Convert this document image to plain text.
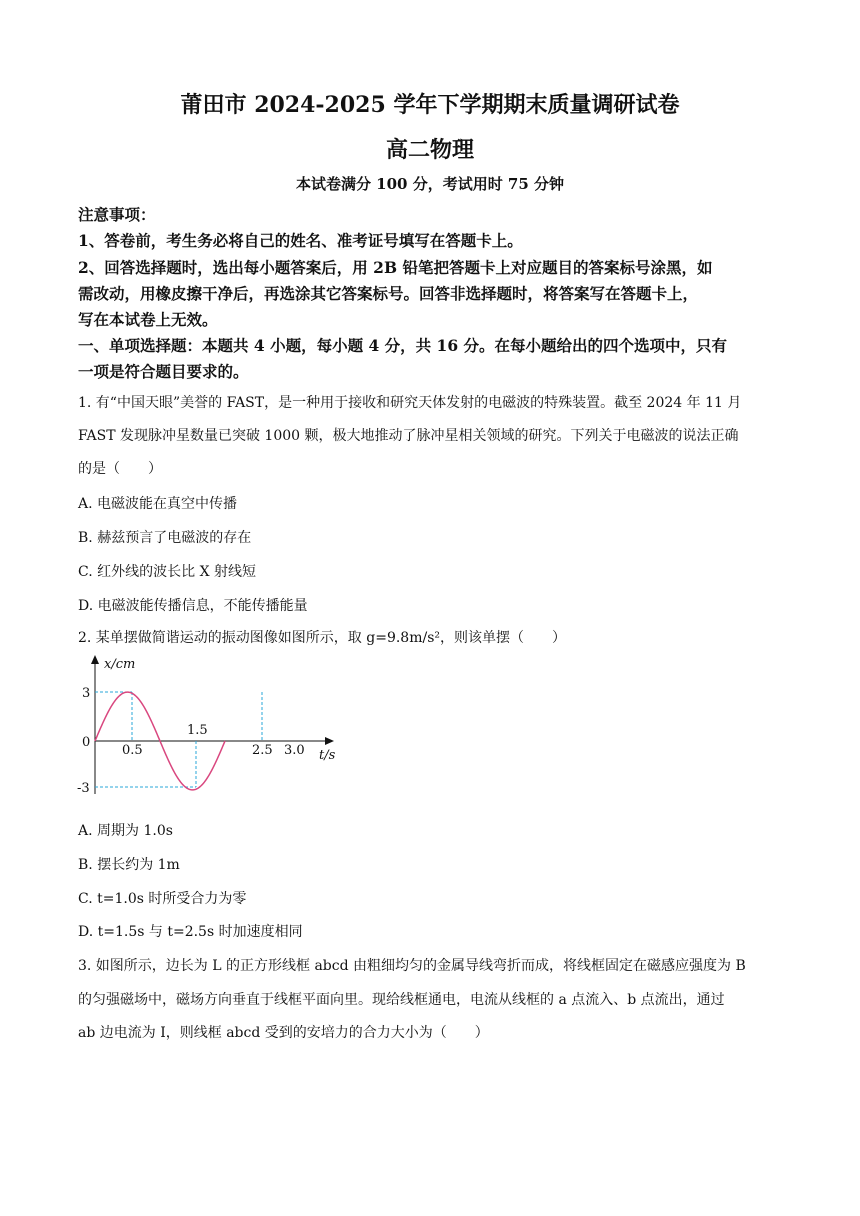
莆田市 2024-2025 学年下学期期末质量调研试卷
高二物理
本试卷满分 100 分，考试用时 75 分钟
注意事项：
1、答卷前，考生务必将自己的姓名、准考证号填写在答题卡上。
2、回答选择题时，选出每小题答案后，用 2B 铅笔把答题卡上对应题目的答案标号涂黑，如
需改动，用橡皮擦干净后，再选涂其它答案标号。回答非选择题时，将答案写在答题卡上，
写在本试卷上无效。
一、单项选择题：本题共 4 小题，每小题 4 分，共 16 分。在每小题给出的四个选项中，只有
一项是符合题目要求的。
1. 有“中国天眼”美誉的 FAST，是一种用于接收和研究天体发射的电磁波的特殊装置。截至 2024 年 11 月
FAST 发现脉冲星数量已突破 1000 颗，极大地推动了脉冲星相关领域的研究。下列关于电磁波的说法正确
的是（　　）
A. 电磁波能在真空中传播
B. 赫兹预言了电磁波的存在
C. 红外线的波长比 X 射线短
D. 电磁波能传播信息，不能传播能量
2. 某单摆做简谐运动的振动图像如图所示，取 g=9.8m/s²，则该单摆（　　）
x/cm
3
0
-3
0.5
1.5
2.5 3.0 t/s
A. 周期为 1.0s
B. 摆长约为 1m
C. t=1.0s 时所受合力为零
D. t=1.5s 与 t=2.5s 时加速度相同
3. 如图所示，边长为 L 的正方形线框 abcd 由粗细均匀的金属导线弯折而成，将线框固定在磁感应强度为 B
的匀强磁场中，磁场方向垂直于线框平面向里。现给线框通电，电流从线框的 a 点流入、b 点流出，通过
ab 边电流为 I，则线框 abcd 受到的安培力的合力大小为（　　）
